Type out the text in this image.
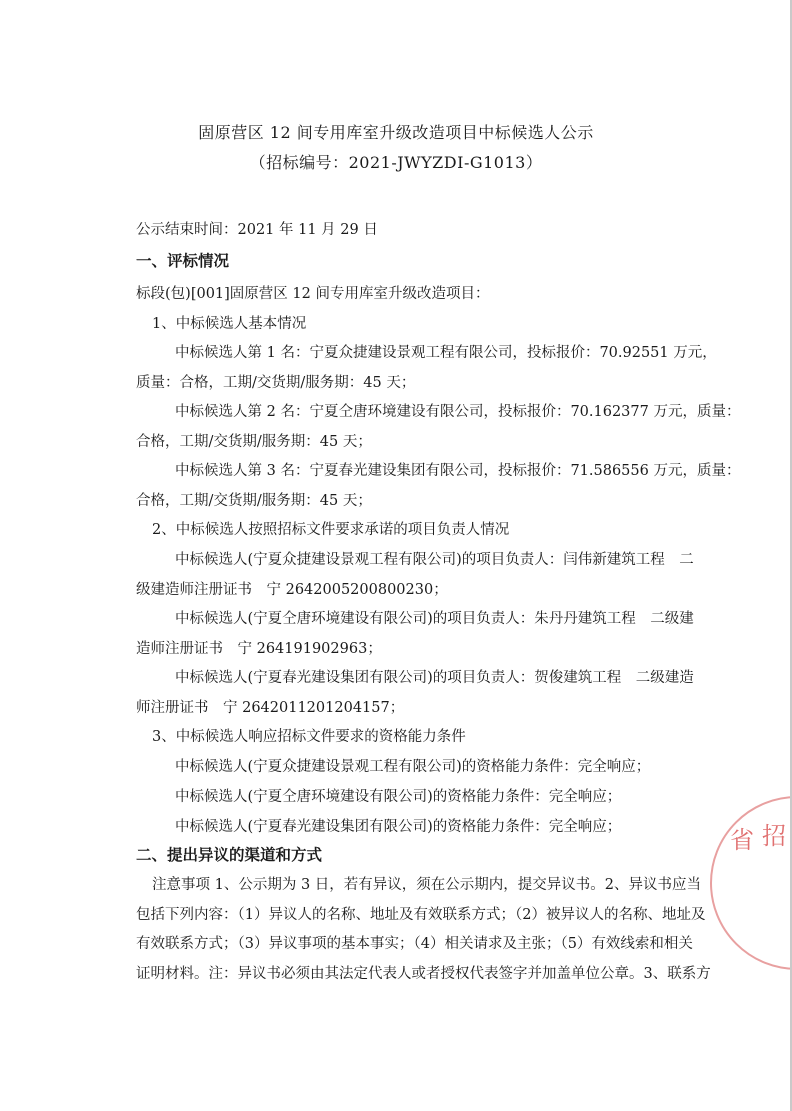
固原营区 12 间专用库室升级改造项目中标候选人公示
（招标编号：2021-JWYZDI-G1013）
公示结束时间：2021 年 11 月 29 日
一、评标情况
标段(包)[001]固原营区 12 间专用库室升级改造项目：
1、中标候选人基本情况
中标候选人第 1 名：宁夏众捷建设景观工程有限公司，投标报价：70.92551 万元，
质量：合格，工期/交货期/服务期：45 天；
中标候选人第 2 名：宁夏仝唐环境建设有限公司，投标报价：70.162377 万元，质量：
合格，工期/交货期/服务期：45 天；
中标候选人第 3 名：宁夏春光建设集团有限公司，投标报价：71.586556 万元，质量：
合格，工期/交货期/服务期：45 天；
2、中标候选人按照招标文件要求承诺的项目负责人情况
中标候选人(宁夏众捷建设景观工程有限公司)的项目负责人：闫伟新建筑工程　二
级建造师注册证书　宁 2642005200800230；
中标候选人(宁夏仝唐环境建设有限公司)的项目负责人：朱丹丹建筑工程　二级建
造师注册证书　宁 264191902963；
中标候选人(宁夏春光建设集团有限公司)的项目负责人：贺俊建筑工程　二级建造
师注册证书　宁 2642011201204157；
3、中标候选人响应招标文件要求的资格能力条件
中标候选人(宁夏众捷建设景观工程有限公司)的资格能力条件：完全响应；
中标候选人(宁夏仝唐环境建设有限公司)的资格能力条件：完全响应；
中标候选人(宁夏春光建设集团有限公司)的资格能力条件：完全响应；
二、提出异议的渠道和方式
注意事项 1、公示期为 3 日，若有异议，须在公示期内，提交异议书。2、异议书应当
包括下列内容：（1）异议人的名称、地址及有效联系方式；（2）被异议人的名称、地址及
有效联系方式；（3）异议事项的基本事实；（4）相关请求及主张；（5）有效线索和相关
证明材料。注：异议书必须由其法定代表人或者授权代表签字并加盖单位公章。3、联系方
省 招
